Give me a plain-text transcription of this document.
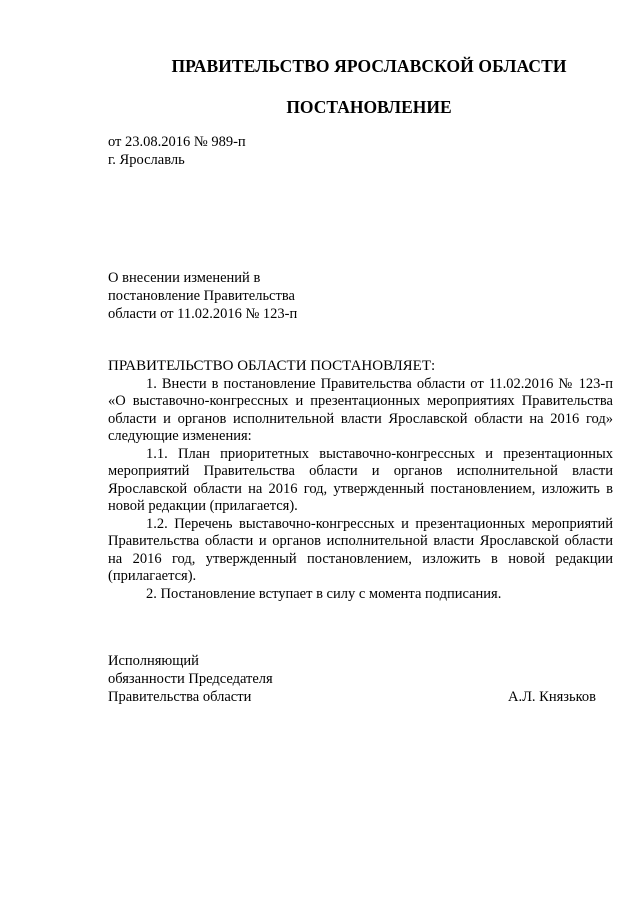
ПРАВИТЕЛЬСТВО ЯРОСЛАВСКОЙ ОБЛАСТИ
ПОСТАНОВЛЕНИЕ
от 23.08.2016 № 989-п
г. Ярославль
О внесении изменений в
постановление Правительства
области от 11.02.2016 № 123-п
ПРАВИТЕЛЬСТВО ОБЛАСТИ ПОСТАНОВЛЯЕТ:
1. Внести в постановление Правительства области от 11.02.2016 № 123-п «О выставочно-конгрессных и презентационных мероприятиях Правительства области и органов исполнительной власти Ярославской области на 2016 год» следующие изменения:
1.1. План приоритетных выставочно-конгрессных и презентационных мероприятий Правительства области и органов исполнительной власти Ярославской области на 2016 год, утвержденный постановлением, изложить в новой редакции (прилагается).
1.2. Перечень выставочно-конгрессных и презентационных мероприятий Правительства области и органов исполнительной власти Ярославской области на 2016 год, утвержденный постановлением, изложить в новой редакции (прилагается).
2. Постановление вступает в силу с момента подписания.
Исполняющий
обязанности Председателя
Правительства области	А.Л. Князьков
